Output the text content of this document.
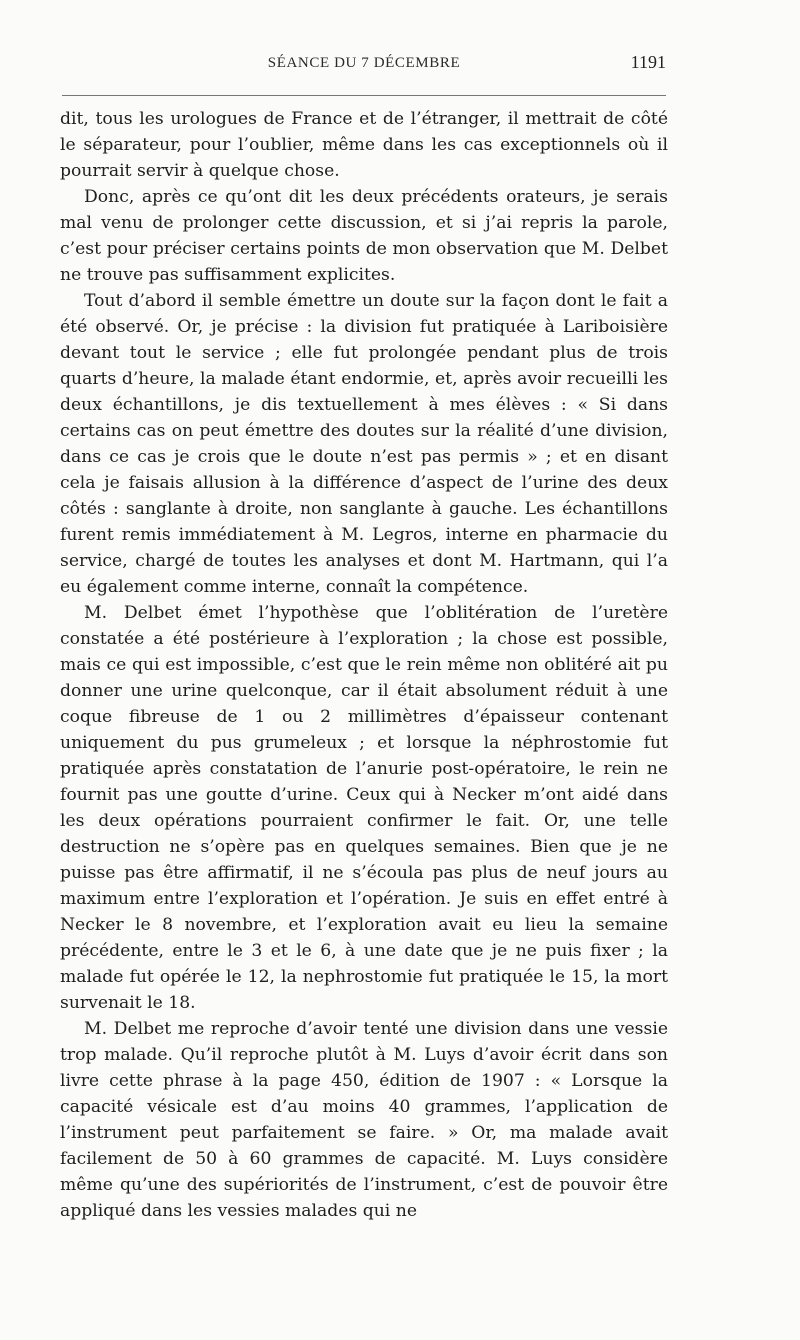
SÉANCE DU 7 DÉCEMBRE	1191

dit, tous les urologues de France et de l’étranger, il mettrait de côté le séparateur, pour l’oublier, même dans les cas exceptionnels où il pourrait servir à quelque chose.

Donc, après ce qu’ont dit les deux précédents orateurs, je serais mal venu de prolonger cette discussion, et si j’ai repris la parole, c’est pour préciser certains points de mon observation que M. Delbet ne trouve pas suffisamment explicites.

Tout d’abord il semble émettre un doute sur la façon dont le fait a été observé. Or, je précise : la division fut pratiquée à Lariboisière devant tout le service ; elle fut prolongée pendant plus de trois quarts d’heure, la malade étant endormie, et, après avoir recueilli les deux échantillons, je dis textuellement à mes élèves : « Si dans certains cas on peut émettre des doutes sur la réalité d’une division, dans ce cas je crois que le doute n’est pas permis » ; et en disant cela je faisais allusion à la différence d’aspect de l’urine des deux côtés : sanglante à droite, non sanglante à gauche. Les échantillons furent remis immédiatement à M. Legros, interne en pharmacie du service, chargé de toutes les analyses et dont M. Hartmann, qui l’a eu également comme interne, connaît la compétence.

M. Delbet émet l’hypothèse que l’oblitération de l’uretère constatée a été postérieure à l’exploration ; la chose est possible, mais ce qui est impossible, c’est que le rein même non oblitéré ait pu donner une urine quelconque, car il était absolument réduit à une coque fibreuse de 1 ou 2 millimètres d’épaisseur contenant uniquement du pus grumeleux ; et lorsque la néphrostomie fut pratiquée après constatation de l’anurie post-opératoire, le rein ne fournit pas une goutte d’urine. Ceux qui à Necker m’ont aidé dans les deux opérations pourraient confirmer le fait. Or, une telle destruction ne s’opère pas en quelques semaines. Bien que je ne puisse pas être affirmatif, il ne s’écoula pas plus de neuf jours au maximum entre l’exploration et l’opération. Je suis en effet entré à Necker le 8 novembre, et l’exploration avait eu lieu la semaine précédente, entre le 3 et le 6, à une date que je ne puis fixer ; la malade fut opérée le 12, la nephrostomie fut pratiquée le 15, la mort survenait le 18.

M. Delbet me reproche d’avoir tenté une division dans une vessie trop malade. Qu’il reproche plutôt à M. Luys d’avoir écrit dans son livre cette phrase à la page 450, édition de 1907 : « Lorsque la capacité vésicale est d’au moins 40 grammes, l’application de l’instrument peut parfaitement se faire. » Or, ma malade avait facilement de 50 à 60 grammes de capacité. M. Luys considère même qu’une des supériorités de l’instrument, c’est de pouvoir être appliqué dans les vessies malades qui ne
